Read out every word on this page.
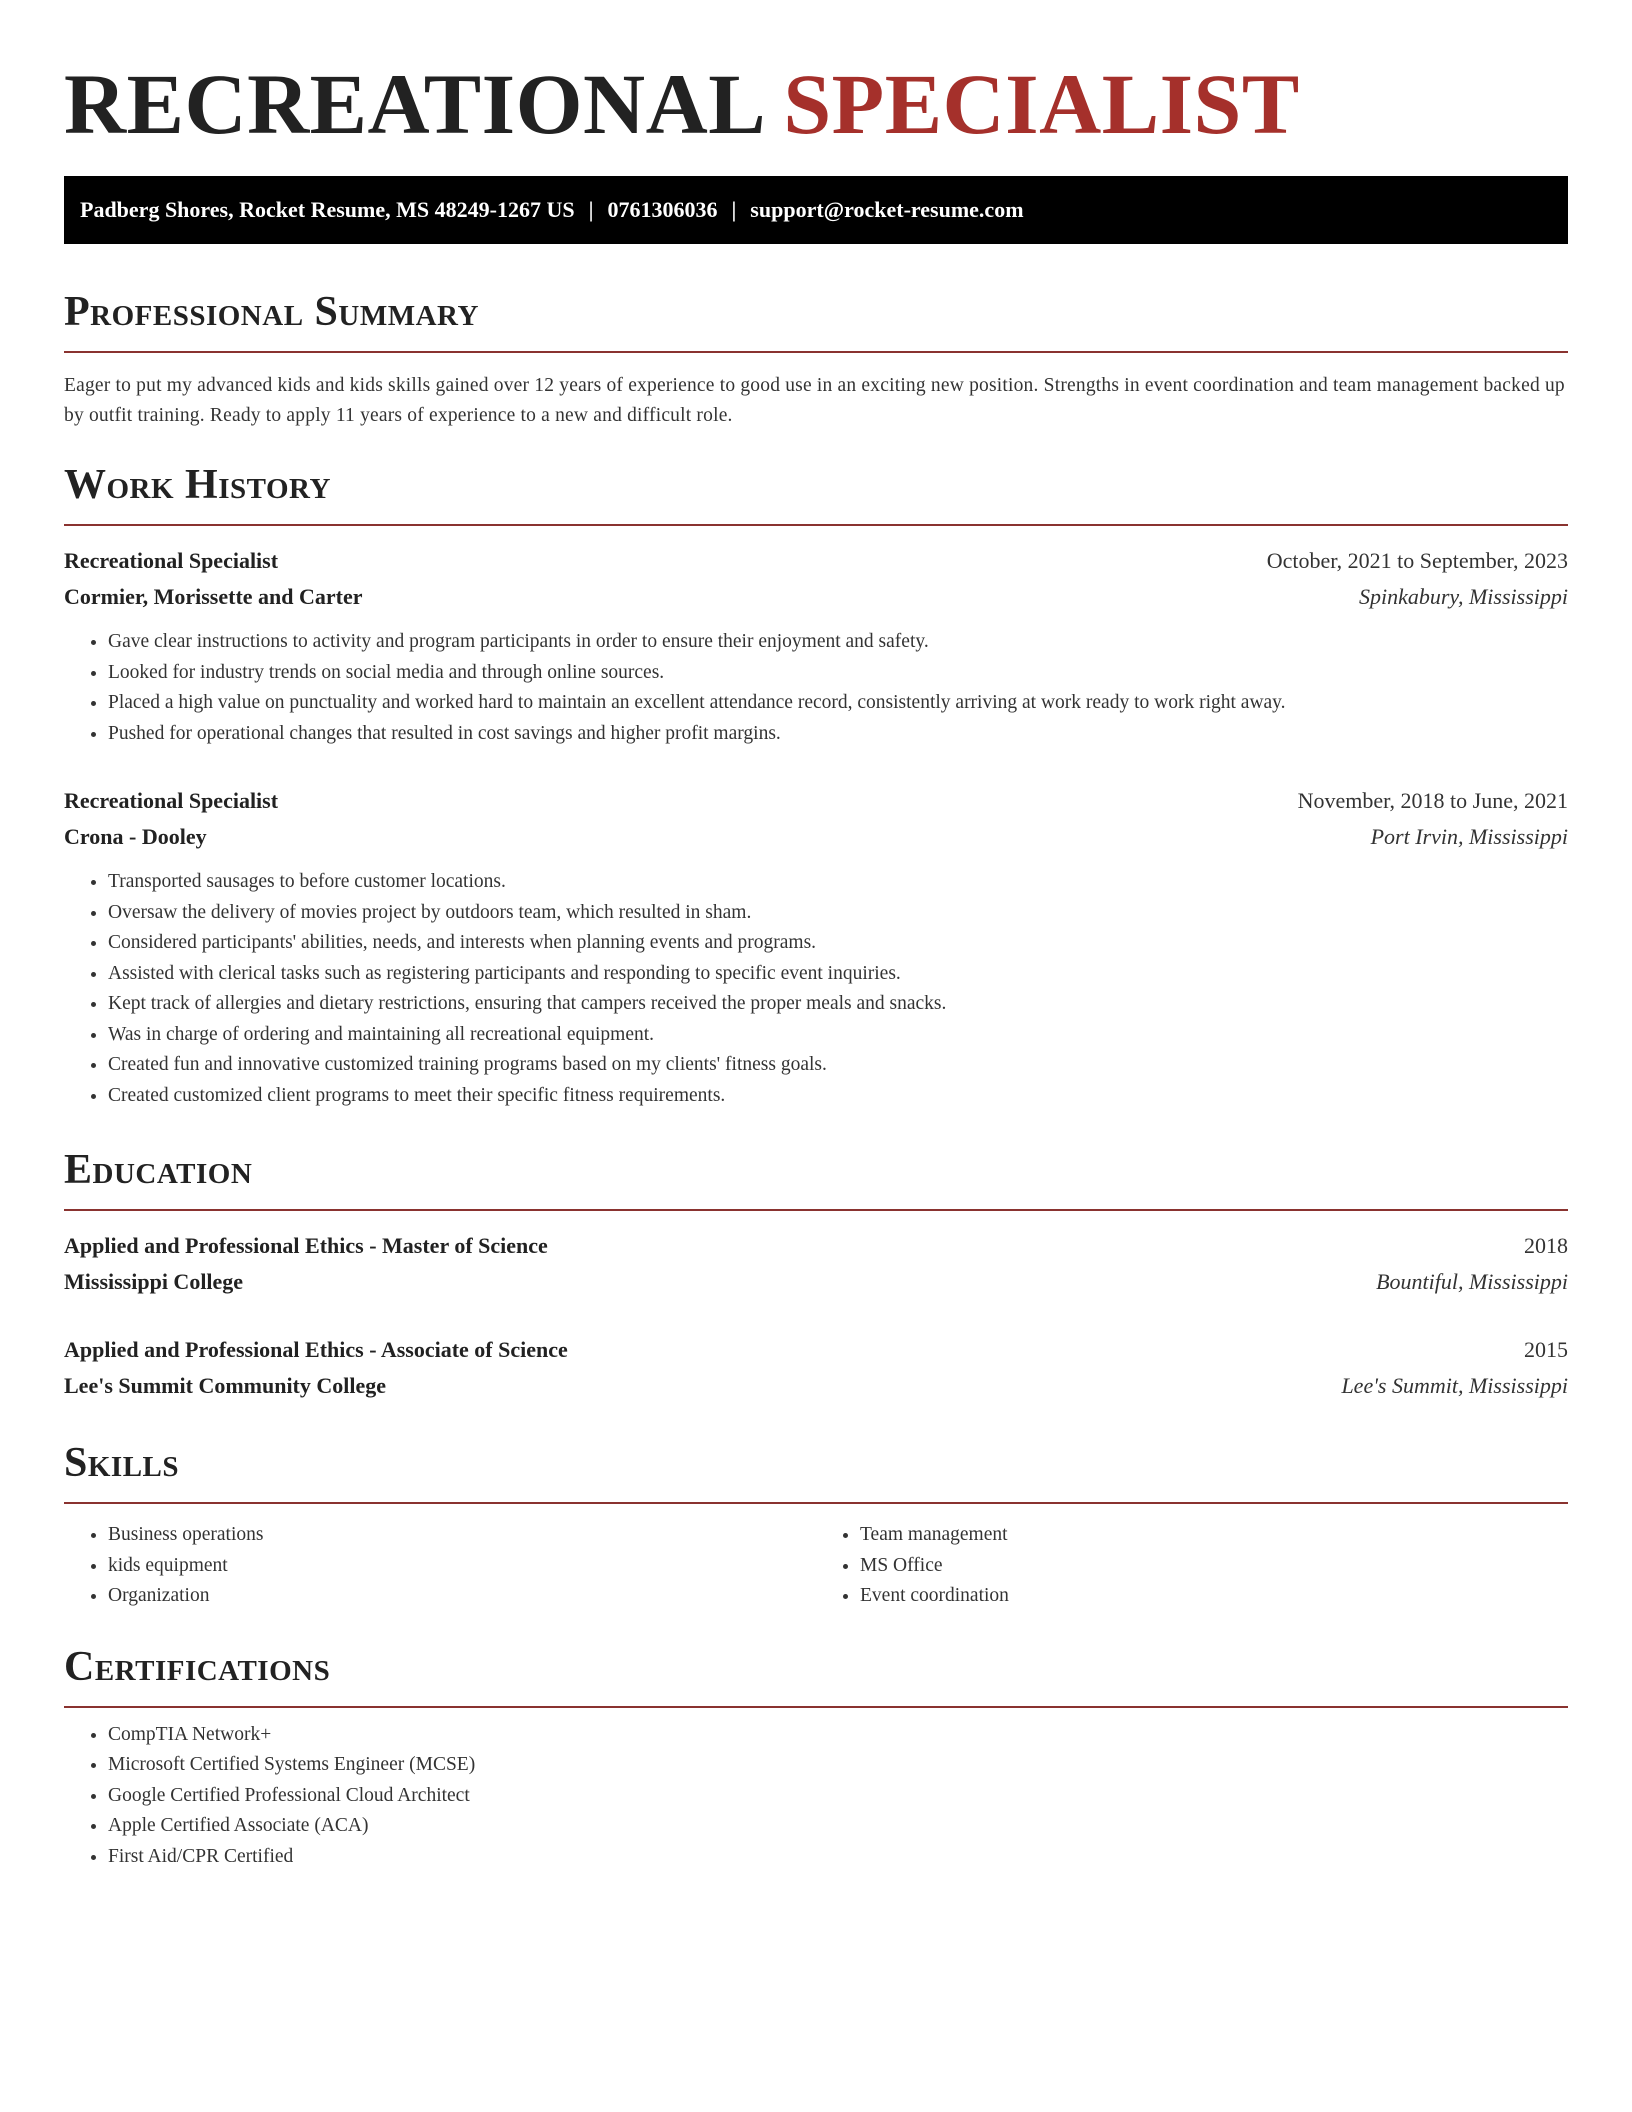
RECREATIONAL SPECIALIST
Padberg Shores, Rocket Resume, MS 48249-1267 US | 0761306036 | support@rocket-resume.com
Professional Summary

Eager to put my advanced kids and kids skills gained over 12 years of experience to good use in an exciting new position. Strengths in event coordination and team management backed up by outfit training. Ready to apply 11 years of experience to a new and difficult role.

Work History
Recreational Specialist	October, 2021 to September, 2023
Cormier, Morissette and Carter	Spinkabury, Mississippi
• Gave clear instructions to activity and program participants in order to ensure their enjoyment and safety.
• Looked for industry trends on social media and through online sources.
• Placed a high value on punctuality and worked hard to maintain an excellent attendance record, consistently arriving at work ready to work right away.
• Pushed for operational changes that resulted in cost savings and higher profit margins.
Recreational Specialist	November, 2018 to June, 2021
Crona - Dooley	Port Irvin, Mississippi
• Transported sausages to before customer locations.
• Oversaw the delivery of movies project by outdoors team, which resulted in sham.
• Considered participants' abilities, needs, and interests when planning events and programs.
• Assisted with clerical tasks such as registering participants and responding to specific event inquiries.
• Kept track of allergies and dietary restrictions, ensuring that campers received the proper meals and snacks.
• Was in charge of ordering and maintaining all recreational equipment.
• Created fun and innovative customized training programs based on my clients' fitness goals.
• Created customized client programs to meet their specific fitness requirements.
Education
Applied and Professional Ethics - Master of Science	2018
Mississippi College	Bountiful, Mississippi
Applied and Professional Ethics - Associate of Science	2015
Lee's Summit Community College	Lee's Summit, Mississippi
Skills
• Business operations
• kids equipment
• Organization
• Team management
• MS Office
• Event coordination
Certifications
• CompTIA Network+
• Microsoft Certified Systems Engineer (MCSE)
• Google Certified Professional Cloud Architect
• Apple Certified Associate (ACA)
• First Aid/CPR Certified
